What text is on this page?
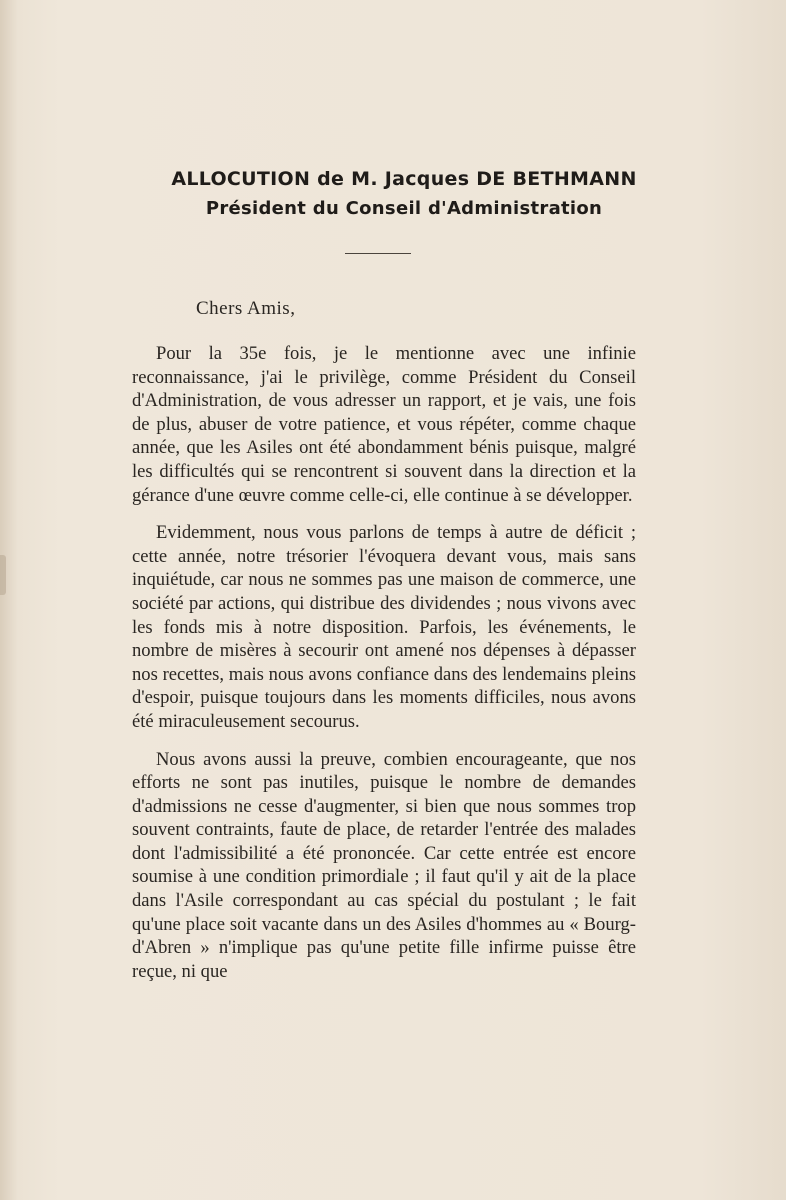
ALLOCUTION de M. Jacques DE BETHMANN
Président du Conseil d'Administration
Chers Amis,

Pour la 35e fois, je le mentionne avec une infinie reconnaissance, j'ai le privilège, comme Président du Conseil d'Administration, de vous adresser un rapport, et je vais, une fois de plus, abuser de votre patience, et vous répéter, comme chaque année, que les Asiles ont été abondamment bénis puisque, malgré les difficultés qui se rencontrent si souvent dans la direction et la gérance d'une œuvre comme celle-ci, elle continue à se développer.

Evidemment, nous vous parlons de temps à autre de déficit ; cette année, notre trésorier l'évoquera devant vous, mais sans inquiétude, car nous ne sommes pas une maison de commerce, une société par actions, qui distribue des dividendes ; nous vivons avec les fonds mis à notre disposition. Parfois, les événements, le nombre de misères à secourir ont amené nos dépenses à dépasser nos recettes, mais nous avons confiance dans des lendemains pleins d'espoir, puisque toujours dans les moments difficiles, nous avons été miraculeusement secourus.

Nous avons aussi la preuve, combien encourageante, que nos efforts ne sont pas inutiles, puisque le nombre de demandes d'admissions ne cesse d'augmenter, si bien que nous sommes trop souvent contraints, faute de place, de retarder l'entrée des malades dont l'admissibilité a été prononcée. Car cette entrée est encore soumise à une condition primordiale ; il faut qu'il y ait de la place dans l'Asile correspondant au cas spécial du postulant ; le fait qu'une place soit vacante dans un des Asiles d'hommes au « Bourg-d'Abren » n'implique pas qu'une petite fille infirme puisse être reçue, ni que
